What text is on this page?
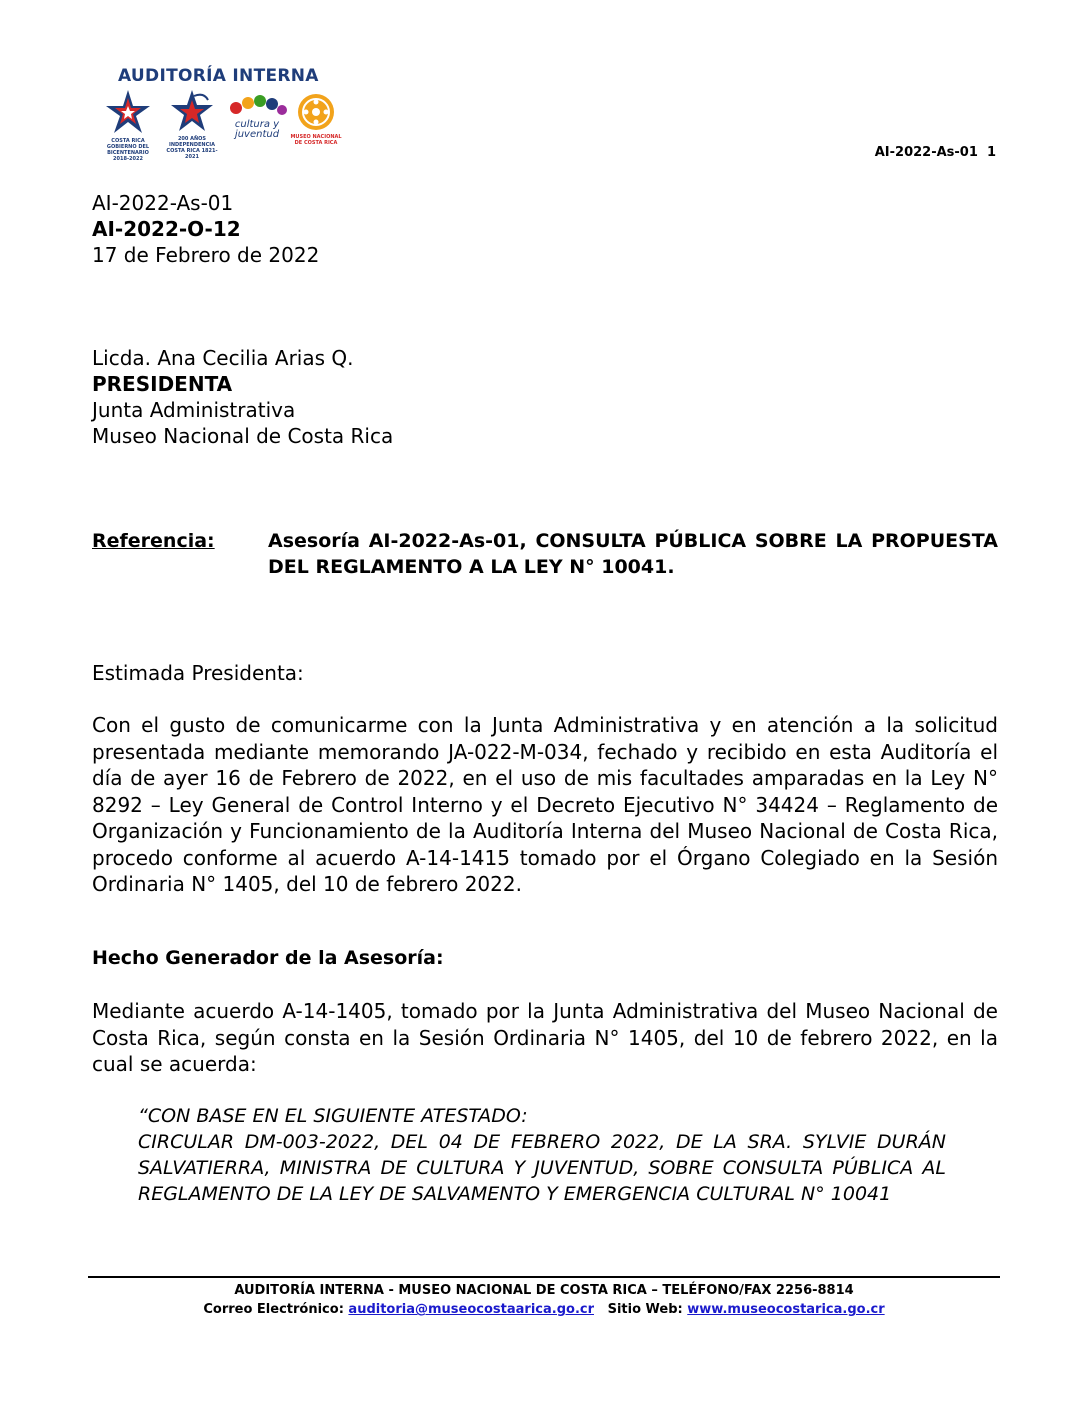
AUDITORÍA INTERNA
COSTA RICA GOBIERNO DEL BICENTENARIO 2018-2022
200 AÑOS INDEPENDENCIA COSTA RICA 1821-2021
cultura y juventud	MUSEO NACIONAL DE COSTA RICA
AI-2022-As-01  1
AI-2022-As-01
AI-2022-O-12
17 de Febrero de 2022
Licda. Ana Cecilia Arias Q.
PRESIDENTA
Junta Administrativa
Museo Nacional de Costa Rica
Referencia:	Asesoría AI-2022-As-01, CONSULTA PÚBLICA SOBRE LA PROPUESTA DEL REGLAMENTO A LA LEY N° 10041.
Estimada Presidenta:
Con el gusto de comunicarme con la Junta Administrativa y en atención a la solicitud presentada mediante memorando JA-022-M-034, fechado y recibido en esta Auditoría el día de ayer 16 de Febrero de 2022, en el uso de mis facultades amparadas en la Ley N° 8292 – Ley General de Control Interno y el Decreto Ejecutivo N° 34424 – Reglamento de Organización y Funcionamiento de la Auditoría Interna del Museo Nacional de Costa Rica, procedo conforme al acuerdo A-14-1415 tomado por el Órgano Colegiado en la Sesión Ordinaria N° 1405, del 10 de febrero 2022.
Hecho Generador de la Asesoría:
Mediante acuerdo A-14-1405, tomado por la Junta Administrativa del Museo Nacional de Costa Rica, según consta en la Sesión Ordinaria N° 1405, del 10 de febrero 2022, en la cual se acuerda:
“CON BASE EN EL SIGUIENTE ATESTADO:
CIRCULAR DM-003-2022, DEL 04 DE FEBRERO 2022, DE LA SRA. SYLVIE DURÁN SALVATIERRA, MINISTRA DE CULTURA Y JUVENTUD, SOBRE CONSULTA PÚBLICA AL REGLAMENTO DE LA LEY DE SALVAMENTO Y EMERGENCIA CULTURAL N° 10041
AUDITORÍA INTERNA - MUSEO NACIONAL DE COSTA RICA – TELÉFONO/FAX 2256-8814
Correo Electrónico: auditoria@museocostaarica.go.cr Sitio Web: www.museocostarica.go.cr
